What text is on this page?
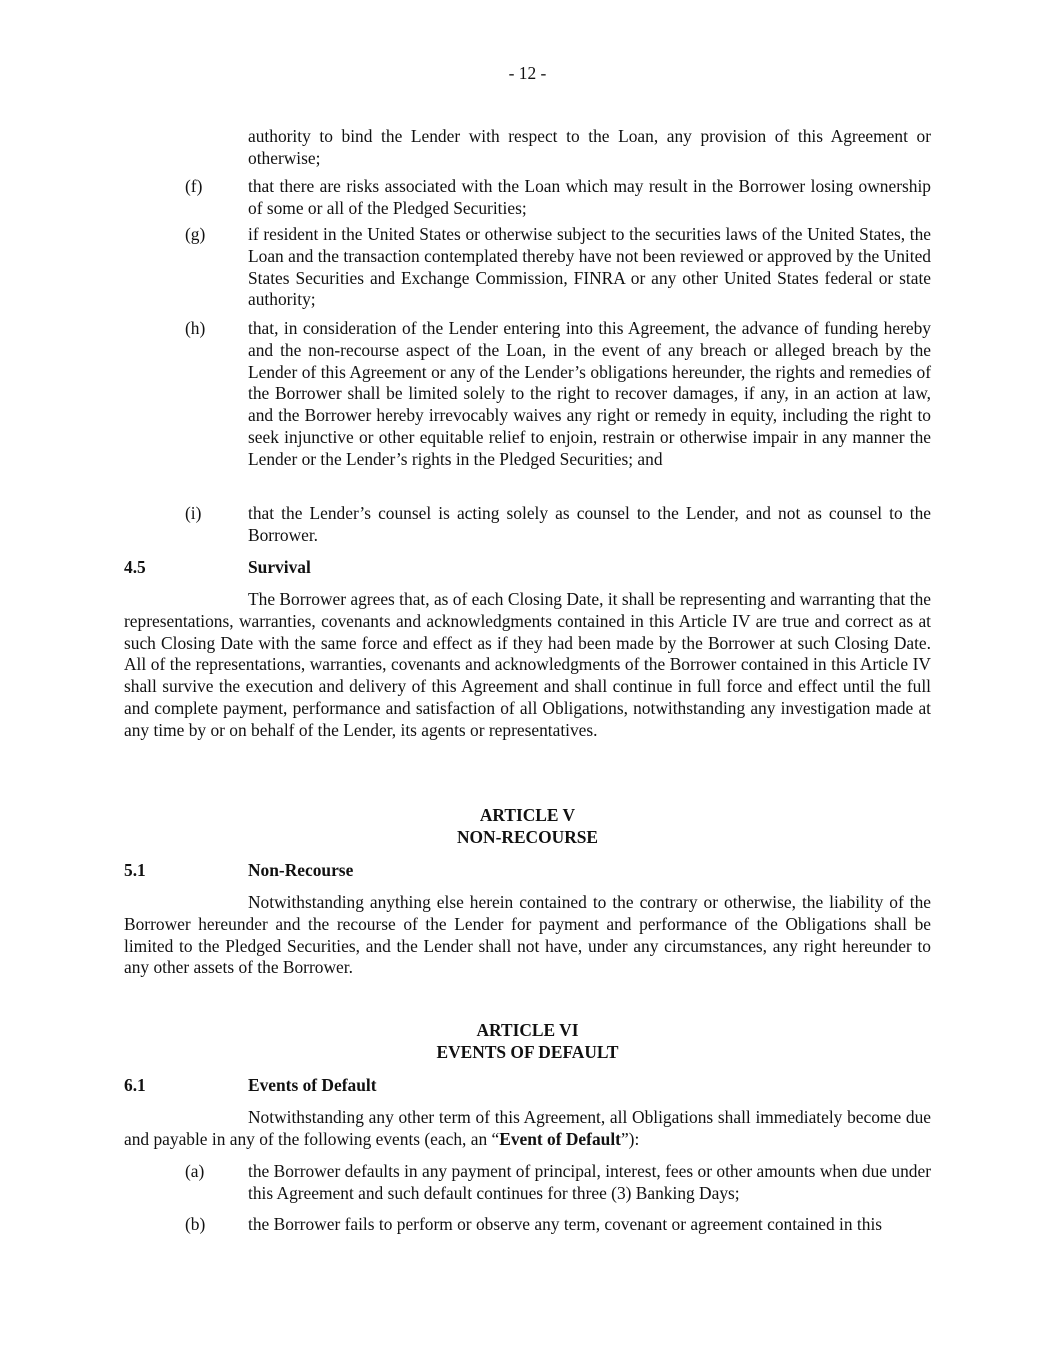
- 12 -
authority to bind the Lender with respect to the Loan, any provision of this Agreement or otherwise;
(f)	that there are risks associated with the Loan which may result in the Borrower losing ownership of some or all of the Pledged Securities;
(g) if resident in the United States or otherwise subject to the securities laws of the United States, the Loan and the transaction contemplated thereby have not been reviewed or approved by the United States Securities and Exchange Commission, FINRA or any other United States federal or state authority;
(h) that, in consideration of the Lender entering into this Agreement, the advance of funding hereby and the non-recourse aspect of the Loan, in the event of any breach or alleged breach by the Lender of this Agreement or any of the Lender’s obligations hereunder, the rights and remedies of the Borrower shall be limited solely to the right to recover damages, if any, in an action at law, and the Borrower hereby irrevocably waives any right or remedy in equity, including the right to seek injunctive or other equitable relief to enjoin, restrain or otherwise impair in any manner the Lender or the Lender’s rights in the Pledged Securities; and
(i)	that the Lender’s counsel is acting solely as counsel to the Lender, and not as counsel to the Borrower.
4.5	Survival
The Borrower agrees that, as of each Closing Date, it shall be representing and warranting that the representations, warranties, covenants and acknowledgments contained in this Article IV are true and correct as at such Closing Date with the same force and effect as if they had been made by the Borrower at such Closing Date. All of the representations, warranties, covenants and acknowledgments of the Borrower contained in this Article IV shall survive the execution and delivery of this Agreement and shall continue in full force and effect until the full and complete payment, performance and satisfaction of all Obligations, notwithstanding any investigation made at any time by or on behalf of the Lender, its agents or representatives.
ARTICLE V
NON-RECOURSE
5.1	Non-Recourse
Notwithstanding anything else herein contained to the contrary or otherwise, the liability of the Borrower hereunder and the recourse of the Lender for payment and performance of the Obligations shall be limited to the Pledged Securities, and the Lender shall not have, under any circumstances, any right hereunder to any other assets of the Borrower.
ARTICLE VI
EVENTS OF DEFAULT
6.1	Events of Default
Notwithstanding any other term of this Agreement, all Obligations shall immediately become due and payable in any of the following events (each, an “Event of Default”):
(a)	the Borrower defaults in any payment of principal, interest, fees or other amounts when due under this Agreement and such default continues for three (3) Banking Days;
(b) the Borrower fails to perform or observe any term, covenant or agreement contained in this
